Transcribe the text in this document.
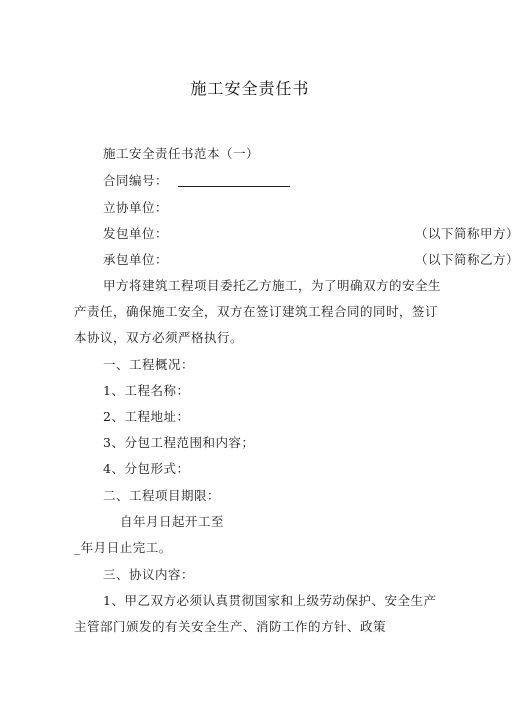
施工安全责任书
施工安全责任书范本（一）
合同编号：
立协单位：
发包单位：	（以下简称甲方）
承包单位：	（以下简称乙方）
甲方将建筑工程项目委托乙方施工，为了明确双方的安全生
产责任，确保施工安全，双方在签订建筑工程合同的同时，签订
本协议，双方必须严格执行。
一、工程概况：
1、工程名称：
2、工程地址：
3、分包工程范围和内容；
4、分包形式：
二、工程项目期限：
自年月日起开工至
_年月日止完工。
三、协议内容：
1、甲乙双方必须认真贯彻国家和上级劳动保护、安全生产
主管部门颁发的有关安全生产、消防工作的方针、政策
